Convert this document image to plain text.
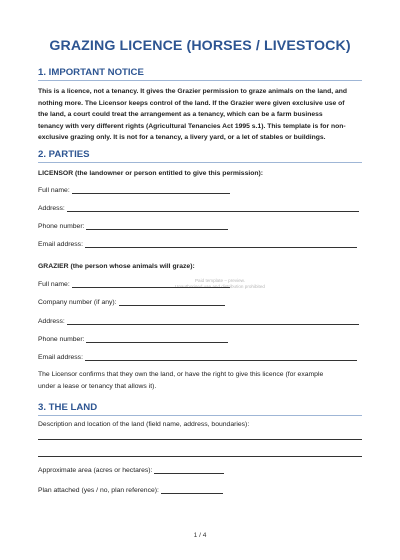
GRAZING LICENCE (HORSES / LIVESTOCK)
1. IMPORTANT NOTICE
This is a licence, not a tenancy. It gives the Grazier permission to graze animals on the land, and
nothing more. The Licensor keeps control of the land. If the Grazier were given exclusive use of
the land, a court could treat the arrangement as a tenancy, which can be a farm business
tenancy with very different rights (Agricultural Tenancies Act 1995 s.1). This template is for non-
exclusive grazing only. It is not for a tenancy, a livery yard, or a let of stables or buildings.
2. PARTIES
LICENSOR (the landowner or person entitled to give this permission):
Full name:
Address:
Phone number:
Email address:
GRAZIER (the person whose animals will graze):
Paid template – preview.
Unauthorised use and distribution prohibited
Full name:
Company number (if any):
Address:
Phone number:
Email address:
The Licensor confirms that they own the land, or have the right to give this licence (for example
under a lease or tenancy that allows it).
3. THE LAND
Description and location of the land (field name, address, boundaries):
Approximate area (acres or hectares):
Plan attached (yes / no, plan reference):
1 / 4
